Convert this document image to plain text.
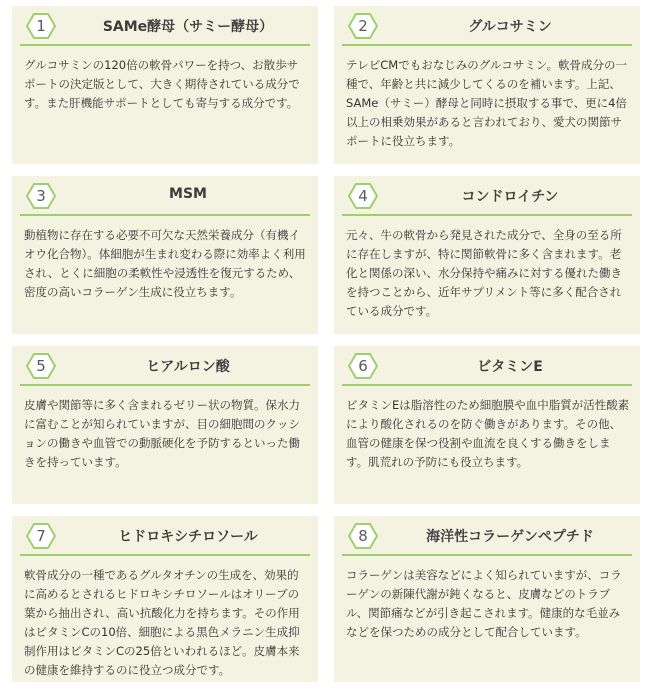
1	SAMe酵母（サミー酵母）
グルコサミンの120倍の軟骨パワーを持つ、お散歩サポートの決定版として、大きく期待されている成分です。また肝機能サポートとしても寄与する成分です。
2	グルコサミン
テレビCMでもおなじみのグルコサミン。軟骨成分の一種で、年齢と共に減少してくるのを補います。上記、SAMe（サミー）酵母と同時に摂取する事で、更に4倍以上の相乗効果があると言われており、愛犬の関節サポートに役立ちます。
3	MSM
動植物に存在する必要不可欠な天然栄養成分（有機イオウ化合物）。体細胞が生まれ変わる際に効率よく利用され、とくに細胞の柔軟性や浸透性を復元するため、密度の高いコラーゲン生成に役立ちます。
4	コンドロイチン
元々、牛の軟骨から発見された成分で、全身の至る所に存在しますが、特に関節軟骨に多く含まれます。老化と関係の深い、水分保持や痛みに対する優れた働きを持つことから、近年サプリメント等に多く配合されている成分です。
5	ヒアルロン酸
皮膚や関節等に多く含まれるゼリー状の物質。保水力に富むことが知られていますが、目の細胞間のクッションの働きや血管での動脈硬化を予防するといった働きを持っています。
6	ビタミンE
ビタミンEは脂溶性のため細胞膜や血中脂質が活性酸素により酸化されるのを防ぐ働きがあります。その他、血管の健康を保つ役割や血流を良くする働きをします。肌荒れの予防にも役立ちます。
7	ヒドロキシチロソール
軟骨成分の一種であるグルタオチンの生成を、効果的に高めるとされるヒドロキシチロソールはオリーブの葉から抽出され、高い抗酸化力を持ちます。その作用はビタミンCの10倍、細胞による黒色メラニン生成抑制作用はビタミンCの25倍といわれるほど。皮膚本来の健康を維持するのに役立つ成分です。
8	海洋性コラーゲンペプチド
コラーゲンは美容などによく知られていますが、コラーゲンの新陳代謝が鈍くなると、皮膚などのトラブル、関節痛などが引き起こされます。健康的な毛並みなどを保つための成分として配合しています。
